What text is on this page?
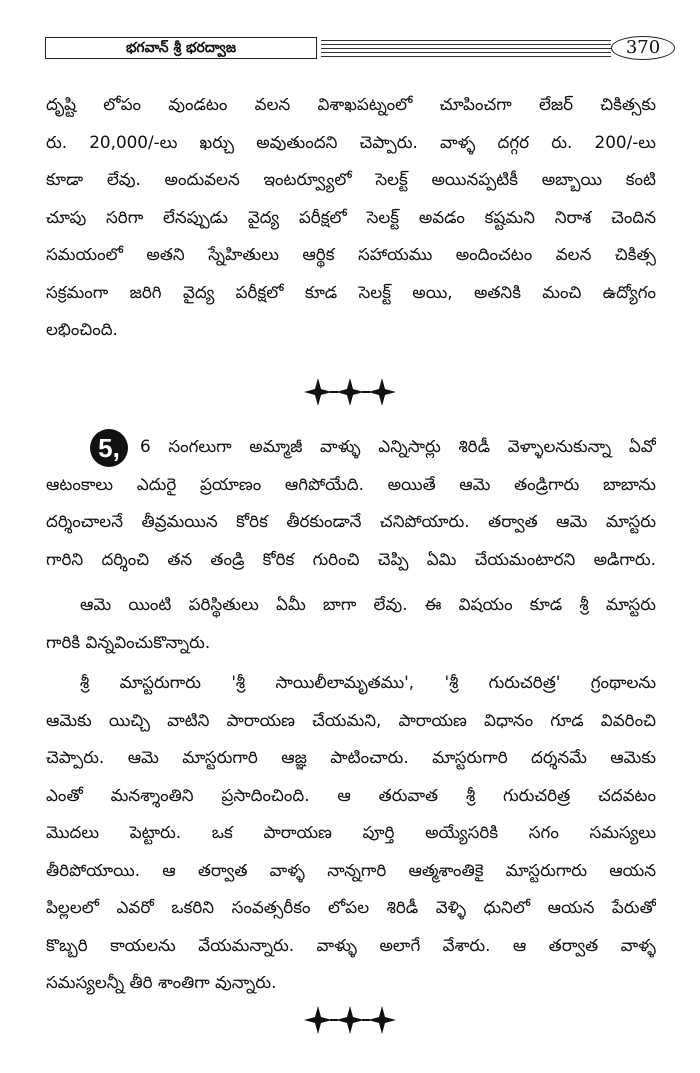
భగవాన్ శ్రీ భరద్వాజ	370

దృష్టి లోపం వుండటం వలన విశాఖపట్నంలో చూపించగా లేజర్ చికిత్సకు

రు. 20,000/-లు ఖర్చు అవుతుందని చెప్పారు. వాళ్ళ దగ్గర రు. 200/-లు

కూడా లేవు. అందువలన ఇంటర్వ్యూలో సెలక్ట్ అయినప్పటికీ అబ్బాయి కంటి

చూపు సరిగా లేనప్పుడు వైద్య పరీక్షలో సెలక్ట్ అవడం కష్టమని నిరాశ చెందిన

సమయంలో అతని స్నేహితులు ఆర్థిక సహాయము అందించటం వలన చికిత్స

సక్రమంగా జరిగి వైద్య పరీక్షలో కూడ సెలక్ట్ అయి, అతనికి మంచి ఉద్యోగం

లభించింది.

5, 6 సంగలుగా అమ్మాజీ వాళ్ళు ఎన్నిసార్లు శిరిడీ వెళ్ళాలనుకున్నా ఏవో

ఆటంకాలు ఎదురై ప్రయాణం ఆగిపోయేది. అయితే ఆమె తండ్రిగారు బాబాను

దర్శించాలనే తీవ్రమయిన కోరిక తీరకుండానే చనిపోయారు. తర్వాత ఆమె మాస్టరు

గారిని దర్శించి తన తండ్రి కోరిక గురించి చెప్పి ఏమి చేయమంటారని అడిగారు.

ఆమె యింటి పరిస్థితులు ఏమీ బాగా లేవు. ఈ విషయం కూడ శ్రీ మాస్టరు

గారికి విన్నవించుకొన్నారు.

శ్రీ మాస్టరుగారు 'శ్రీ సాయిలీలామృతము', 'శ్రీ గురుచరిత్ర' గ్రంథాలను

ఆమెకు యిచ్చి వాటిని పారాయణ చేయమని, పారాయణ విధానం గూడ వివరించి

చెప్పారు. ఆమె మాస్టరుగారి ఆజ్ఞ పాటించారు. మాస్టరుగారి దర్శనమే ఆమెకు

ఎంతో మనశ్శాంతిని ప్రసాదించింది. ఆ తరువాత శ్రీ గురుచరిత్ర చదవటం

మొదలు పెట్టారు. ఒక పారాయణ పూర్తి అయ్యేసరికి సగం సమస్యలు

తీరిపోయాయి. ఆ తర్వాత వాళ్ళ నాన్నగారి ఆత్మశాంతికై మాస్టరుగారు ఆయన

పిల్లలలో ఎవరో ఒకరిని సంవత్సరీకం లోపల శిరిడీ వెళ్ళి ధునిలో ఆయన పేరుతో

కొబ్బరి కాయలను వేయమన్నారు. వాళ్ళు అలాగే వేశారు. ఆ తర్వాత వాళ్ళ

సమస్యలన్నీ తీరి శాంతిగా వున్నారు.
